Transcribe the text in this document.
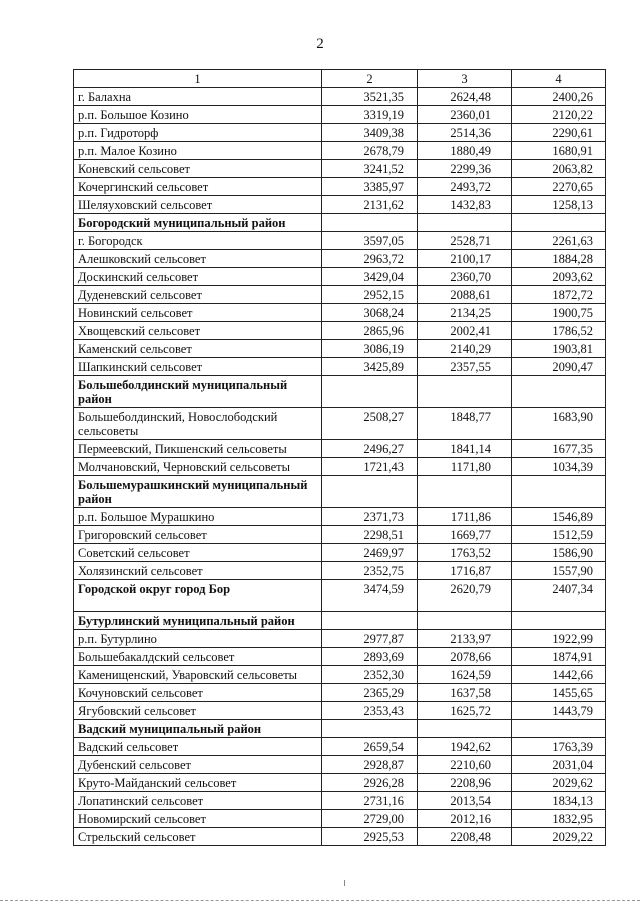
2
1	2	3	4
г. Балахна	3521,35	2624,48	2400,26
р.п. Большое Козино	3319,19	2360,01	2120,22
р.п. Гидроторф	3409,38	2514,36	2290,61
р.п. Малое Козино	2678,79	1880,49	1680,91
Коневский сельсовет	3241,52	2299,36	2063,82
Кочергинский сельсовет	3385,97	2493,72	2270,65
Шеляуховский сельсовет	2131,62	1432,83	1258,13
Богородский муниципальный район			
г. Богородск	3597,05	2528,71	2261,63
Алешковский сельсовет	2963,72	2100,17	1884,28
Доскинский сельсовет	3429,04	2360,70	2093,62
Дуденевский сельсовет	2952,15	2088,61	1872,72
Новинский сельсовет	3068,24	2134,25	1900,75
Хвощевский сельсовет	2865,96	2002,41	1786,52
Каменский сельсовет	3086,19	2140,29	1903,81
Шапкинский сельсовет	3425,89	2357,55	2090,47
Большеболдинский муниципальный район			
Большеболдинский, Новослободский сельсоветы	2508,27	1848,77	1683,90
Пермеевский, Пикшенский сельсоветы	2496,27	1841,14	1677,35
Молчановский, Черновский сельсоветы	1721,43	1171,80	1034,39
Большемурашкинский муниципальный район			
р.п. Большое Мурашкино	2371,73	1711,86	1546,89
Григоровский сельсовет	2298,51	1669,77	1512,59
Советский сельсовет	2469,97	1763,52	1586,90
Холязинский сельсовет	2352,75	1716,87	1557,90
Городской округ город Бор	3474,59	2620,79	2407,34
Бутурлинский муниципальный район			
р.п. Бутурлино	2977,87	2133,97	1922,99
Большебакалдский сельсовет	2893,69	2078,66	1874,91
Каменищенский, Уваровский сельсоветы	2352,30	1624,59	1442,66
Кочуновский сельсовет	2365,29	1637,58	1455,65
Ягубовский сельсовет	2353,43	1625,72	1443,79
Вадский муниципальный район			
Вадский сельсовет	2659,54	1942,62	1763,39
Дубенский сельсовет	2928,87	2210,60	2031,04
Круто-Майданский сельсовет	2926,28	2208,96	2029,62
Лопатинский сельсовет	2731,16	2013,54	1834,13
Новомирский сельсовет	2729,00	2012,16	1832,95
Стрельский сельсовет	2925,53	2208,48	2029,22
